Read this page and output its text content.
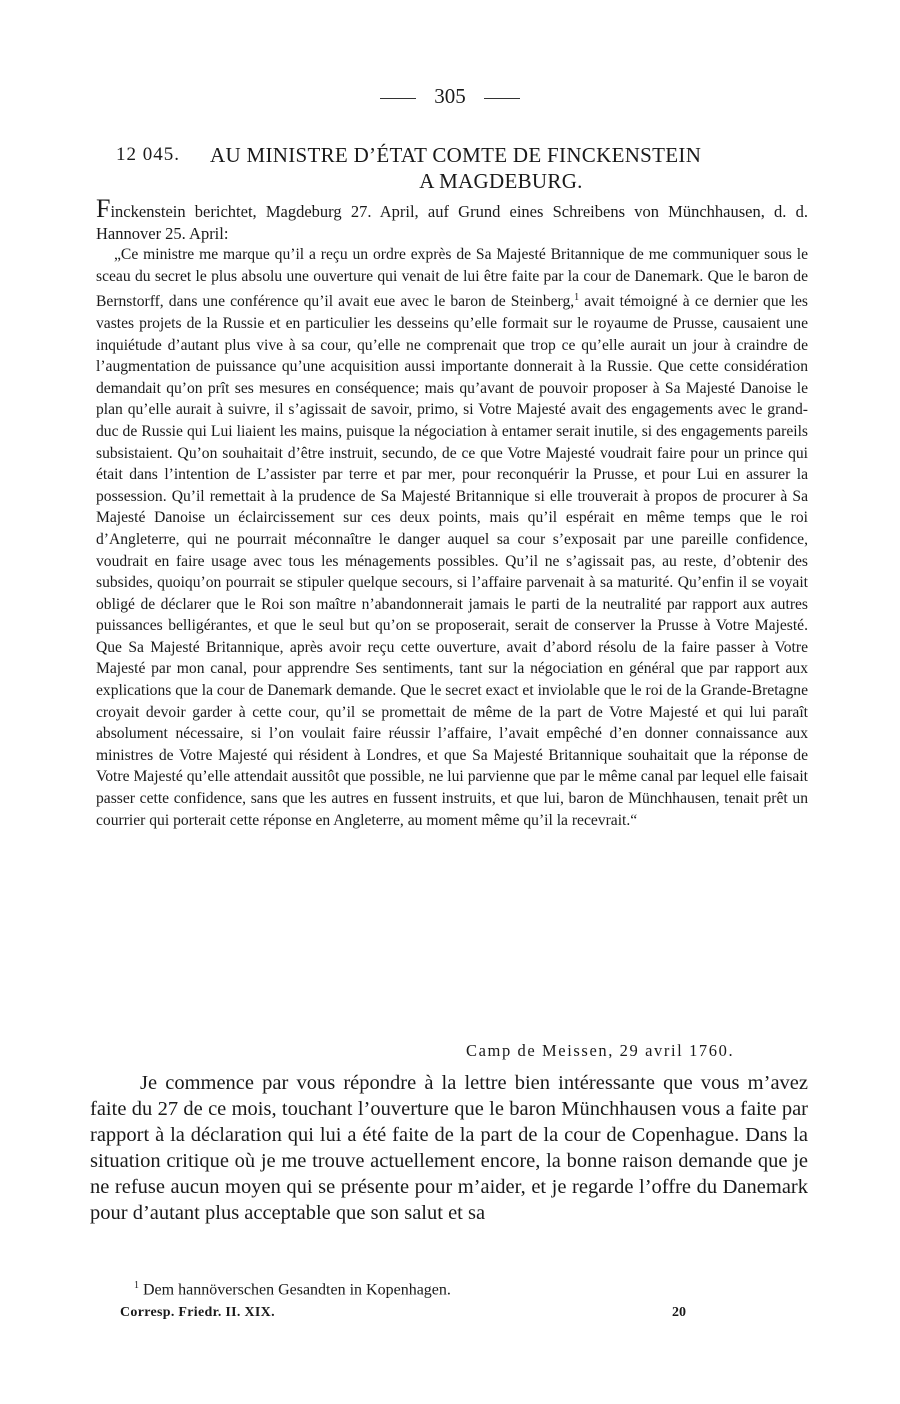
305
12 045. AU MINISTRE D’ÉTAT COMTE DE FINCKENSTEIN
A MAGDEBURG.
Finckenstein berichtet, Magdeburg 27. April, auf Grund eines Schreibens von Münchhausen, d. d. Hannover 25. April:

„Ce ministre me marque qu’il a reçu un ordre exprès de Sa Majesté Britannique de me communiquer sous le sceau du secret le plus absolu une ouverture qui venait de lui être faite par la cour de Danemark. Que le baron de Bernstorff, dans une conférence qu’il avait eue avec le baron de Steinberg,$^1$ avait témoigné à ce dernier que les vastes projets de la Russie et en particulier les desseins qu’elle formait sur le royaume de Prusse, causaient une inquiétude d’autant plus vive à sa cour, qu’elle ne comprenait que trop ce qu’elle aurait un jour à craindre de l’augmentation de puissance qu’une acquisition aussi importante donnerait à la Russie. Que cette considération demandait qu’on prît ses mesures en conséquence; mais qu’avant de pouvoir proposer à Sa Majesté Danoise le plan qu’elle aurait à suivre, il s’agissait de savoir, primo, si Votre Majesté avait des engagements avec le grand-duc de Russie qui Lui liaient les mains, puisque la négociation à entamer serait inutile, si des engagements pareils subsistaient. Qu’on souhaitait d’être instruit, secundo, de ce que Votre Majesté voudrait faire pour un prince qui était dans l’intention de L’assister par terre et par mer, pour reconquérir la Prusse, et pour Lui en assurer la possession. Qu’il remettait à la prudence de Sa Majesté Britannique si elle trouverait à propos de procurer à Sa Majesté Danoise un éclaircissement sur ces deux points, mais qu’il espérait en même temps que le roi d’Angleterre, qui ne pourrait méconnaître le danger auquel sa cour s’exposait par une pareille confidence, voudrait en faire usage avec tous les ménagements possibles. Qu’il ne s’agissait pas, au reste, d’obtenir des subsides, quoiqu’on pourrait se stipuler quelque secours, si l’affaire parvenait à sa maturité. Qu’enfin il se voyait obligé de déclarer que le Roi son maître n’abandonnerait jamais le parti de la neutralité par rapport aux autres puissances belligérantes, et que le seul but qu’on se proposerait, serait de conserver la Prusse à Votre Majesté. Que Sa Majesté Britannique, après avoir reçu cette ouverture, avait d’abord résolu de la faire passer à Votre Majesté par mon canal, pour apprendre Ses sentiments, tant sur la négociation en général que par rapport aux explications que la cour de Danemark demande. Que le secret exact et inviolable que le roi de la Grande-Bretagne croyait devoir garder à cette cour, qu’il se promettait de même de la part de Votre Majesté et qui lui paraît absolument nécessaire, si l’on voulait faire réussir l’affaire, l’avait empêché d’en donner connaissance aux ministres de Votre Majesté qui résident à Londres, et que Sa Majesté Britannique souhaitait que la réponse de Votre Majesté qu’elle attendait aussitôt que possible, ne lui parvienne que par le même canal par lequel elle faisait passer cette confidence, sans que les autres en fussent instruits, et que lui, baron de Münchhausen, tenait prêt un courrier qui porterait cette réponse en Angleterre, au moment même qu’il la recevrait.“

Camp de Meissen, 29 avril 1760.

Je commence par vous répondre à la lettre bien intéressante que vous m’avez faite du 27 de ce mois, touchant l’ouverture que le baron Münchhausen vous a faite par rapport à la déclaration qui lui a été faite de la part de la cour de Copenhague. Dans la situation critique où je me trouve actuellement encore, la bonne raison demande que je ne refuse aucun moyen qui se présente pour m’aider, et je regarde l’offre du Danemark pour d’autant plus acceptable que son salut et sa

$^1$ Dem hannöverschen Gesandten in Kopenhagen.
Corresp. Friedr. II. XIX.	20
